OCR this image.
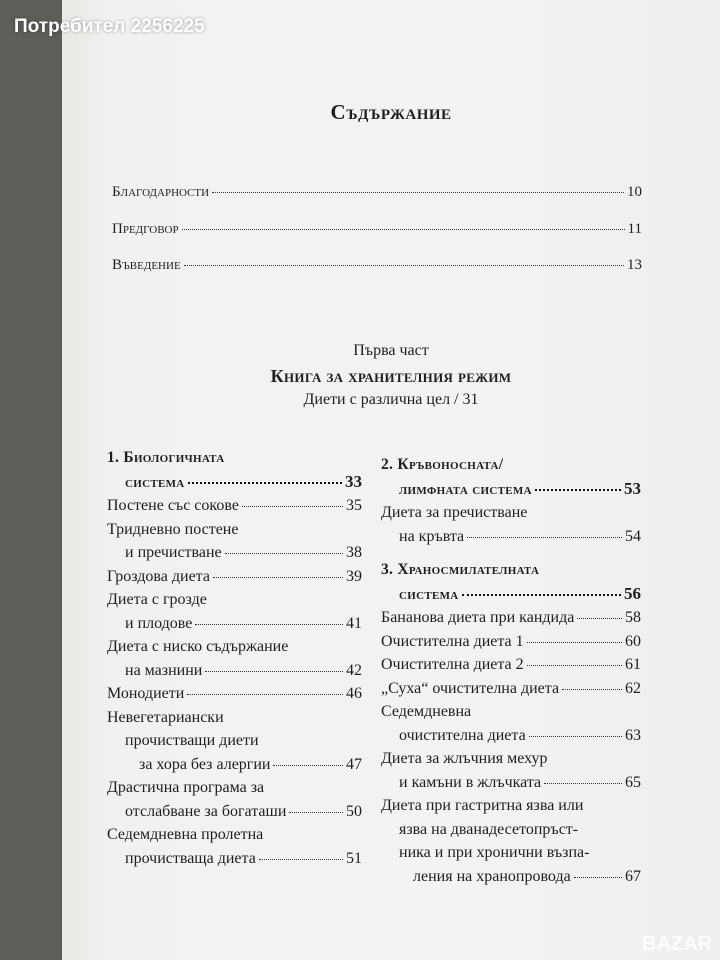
Потребител 2256225
Съдържание
Благодарности	10
Предговор	11
Въведение	13
Първа част
Книга за хранителния режим
Диети с различна цел / 31
1. Биологичната
система	33
Постене със сокове	35
Тридневно постене
и пречистване	38
Гроздова диета	39
Диета с грозде
и плодове	41
Диета с ниско съдържание
на мазнини	42
Монодиети	46
Невегетариански
прочистващи диети
за хора без алергии	47
Драстична програма за
отслабване за богаташи	50
Седемдневна пролетна
прочистваща диета	51
2. Кръвоносната/
лимфната система	53
Диета за пречистване
на кръвта	54
3. Храносмилателната
система	56
Бананова диета при кандида	58
Очистителна диета 1	60
Очистителна диета 2	61
„Суха“ очистителна диета	62
Седемдневна
очистителна диета	63
Диета за жлъчния мехур
и камъни в жлъчката	65
Диета при гастритна язва или
язва на дванадесетопръст-
ника и при хронични възпа-
ления на хранопровода	67
BAZAR
